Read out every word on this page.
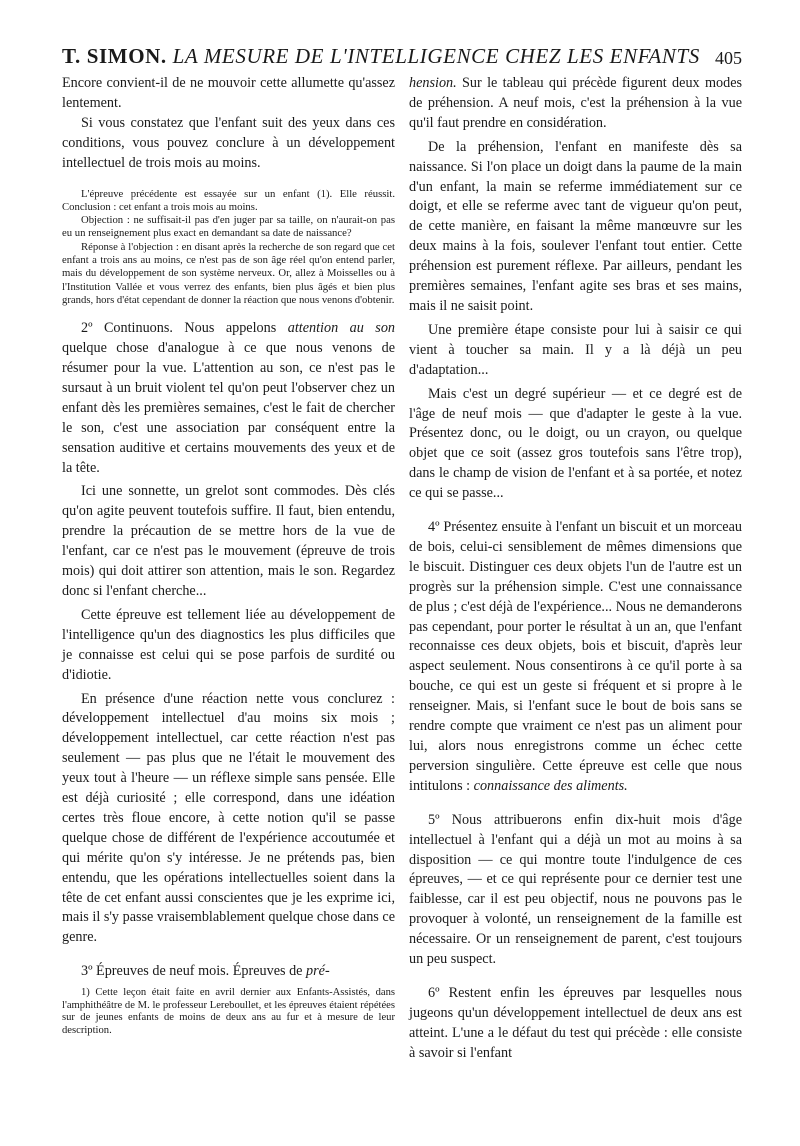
T. SIMON. LA MESURE DE L'INTELLIGENCE CHEZ LES ENFANTS 405

Encore convient-il de ne mouvoir cette allumette qu'assez lentement.

Si vous constatez que l'enfant suit des yeux dans ces conditions, vous pouvez conclure à un développement intellectuel de trois mois au moins.

L'épreuve précédente est essayée sur un enfant (1). Elle réussit. Conclusion : cet enfant a trois mois au moins.

Objection : ne suffisait-il pas d'en juger par sa taille, on n'aurait-on pas eu un renseignement plus exact en demandant sa date de naissance?

Réponse à l'objection : en disant après la recherche de son regard que cet enfant a trois ans au moins, ce n'est pas de son âge réel qu'on entend parler, mais du développement de son système nerveux. Or, allez à Moisselles ou à l'Institution Vallée et vous verrez des enfants, bien plus âgés et bien plus grands, hors d'état cependant de donner la réaction que nous venons d'obtenir.

2º Continuons. Nous appelons attention au son quelque chose d'analogue à ce que nous venons de résumer pour la vue. L'attention au son, ce n'est pas le sursaut à un bruit violent tel qu'on peut l'observer chez un enfant dès les premières semaines, c'est le fait de chercher le son, c'est une association par conséquent entre la sensation auditive et certains mouvements des yeux et de la tête.

Ici une sonnette, un grelot sont commodes. Dès clés qu'on agite peuvent toutefois suffire. Il faut, bien entendu, prendre la précaution de se mettre hors de la vue de l'enfant, car ce n'est pas le mouvement (épreuve de trois mois) qui doit attirer son attention, mais le son. Regardez donc si l'enfant cherche...

Cette épreuve est tellement liée au développement de l'intelligence qu'un des diagnostics les plus difficiles que je connaisse est celui qui se pose parfois de surdité ou d'idiotie.

En présence d'une réaction nette vous conclurez : développement intellectuel d'au moins six mois ; développement intellectuel, car cette réaction n'est pas seulement — pas plus que ne l'était le mouvement des yeux tout à l'heure — un réflexe simple sans pensée. Elle est déjà curiosité ; elle correspond, dans une idéation certes très floue encore, à cette notion qu'il se passe quelque chose de différent de l'expérience accoutumée et qui mérite qu'on s'y intéresse. Je ne prétends pas, bien entendu, que les opérations intellectuelles soient dans la tête de cet enfant aussi conscientes que je les exprime ici, mais il s'y passe vraisemblablement quelque chose dans ce genre.

3º Épreuves de neuf mois. Épreuves de pré-

1) Cette leçon était faite en avril dernier aux Enfants-Assistés, dans l'amphithéâtre de M. le professeur Lereboullet, et les épreuves étaient répétées sur de jeunes enfants de moins de deux ans au fur et à mesure de leur description.

hension. Sur le tableau qui précède figurent deux modes de préhension. A neuf mois, c'est la préhension à la vue qu'il faut prendre en considération.

De la préhension, l'enfant en manifeste dès sa naissance. Si l'on place un doigt dans la paume de la main d'un enfant, la main se referme immédiatement sur ce doigt, et elle se referme avec tant de vigueur qu'on peut, de cette manière, en faisant la même manœuvre sur les deux mains à la fois, soulever l'enfant tout entier. Cette préhension est purement réflexe. Par ailleurs, pendant les premières semaines, l'enfant agite ses bras et ses mains, mais il ne saisit point.

Une première étape consiste pour lui à saisir ce qui vient à toucher sa main. Il y a là déjà un peu d'adaptation...

Mais c'est un degré supérieur — et ce degré est de l'âge de neuf mois — que d'adapter le geste à la vue. Présentez donc, ou le doigt, ou un crayon, ou quelque objet que ce soit (assez gros toutefois sans l'être trop), dans le champ de vision de l'enfant et à sa portée, et notez ce qui se passe...

4º Présentez ensuite à l'enfant un biscuit et un morceau de bois, celui-ci sensiblement de mêmes dimensions que le biscuit. Distinguer ces deux objets l'un de l'autre est un progrès sur la préhension simple. C'est une connaissance de plus ; c'est déjà de l'expérience... Nous ne demanderons pas cependant, pour porter le résultat à un an, que l'enfant reconnaisse ces deux objets, bois et biscuit, d'après leur aspect seulement. Nous consentirons à ce qu'il porte à sa bouche, ce qui est un geste si fréquent et si propre à le renseigner. Mais, si l'enfant suce le bout de bois sans se rendre compte que vraiment ce n'est pas un aliment pour lui, alors nous enregistrons comme un échec cette perversion singulière. Cette épreuve est celle que nous intitulons : connaissance des aliments.

5º Nous attribuerons enfin dix-huit mois d'âge intellectuel à l'enfant qui a déjà un mot au moins à sa disposition — ce qui montre toute l'indulgence de ces épreuves, — et ce qui représente pour ce dernier test une faiblesse, car il est peu objectif, nous ne pouvons pas le provoquer à volonté, un renseignement de la famille est nécessaire. Or un renseignement de parent, c'est toujours un peu suspect.

6º Restent enfin les épreuves par lesquelles nous jugeons qu'un développement intellectuel de deux ans est atteint. L'une a le défaut du test qui précède : elle consiste à savoir si l'enfant
